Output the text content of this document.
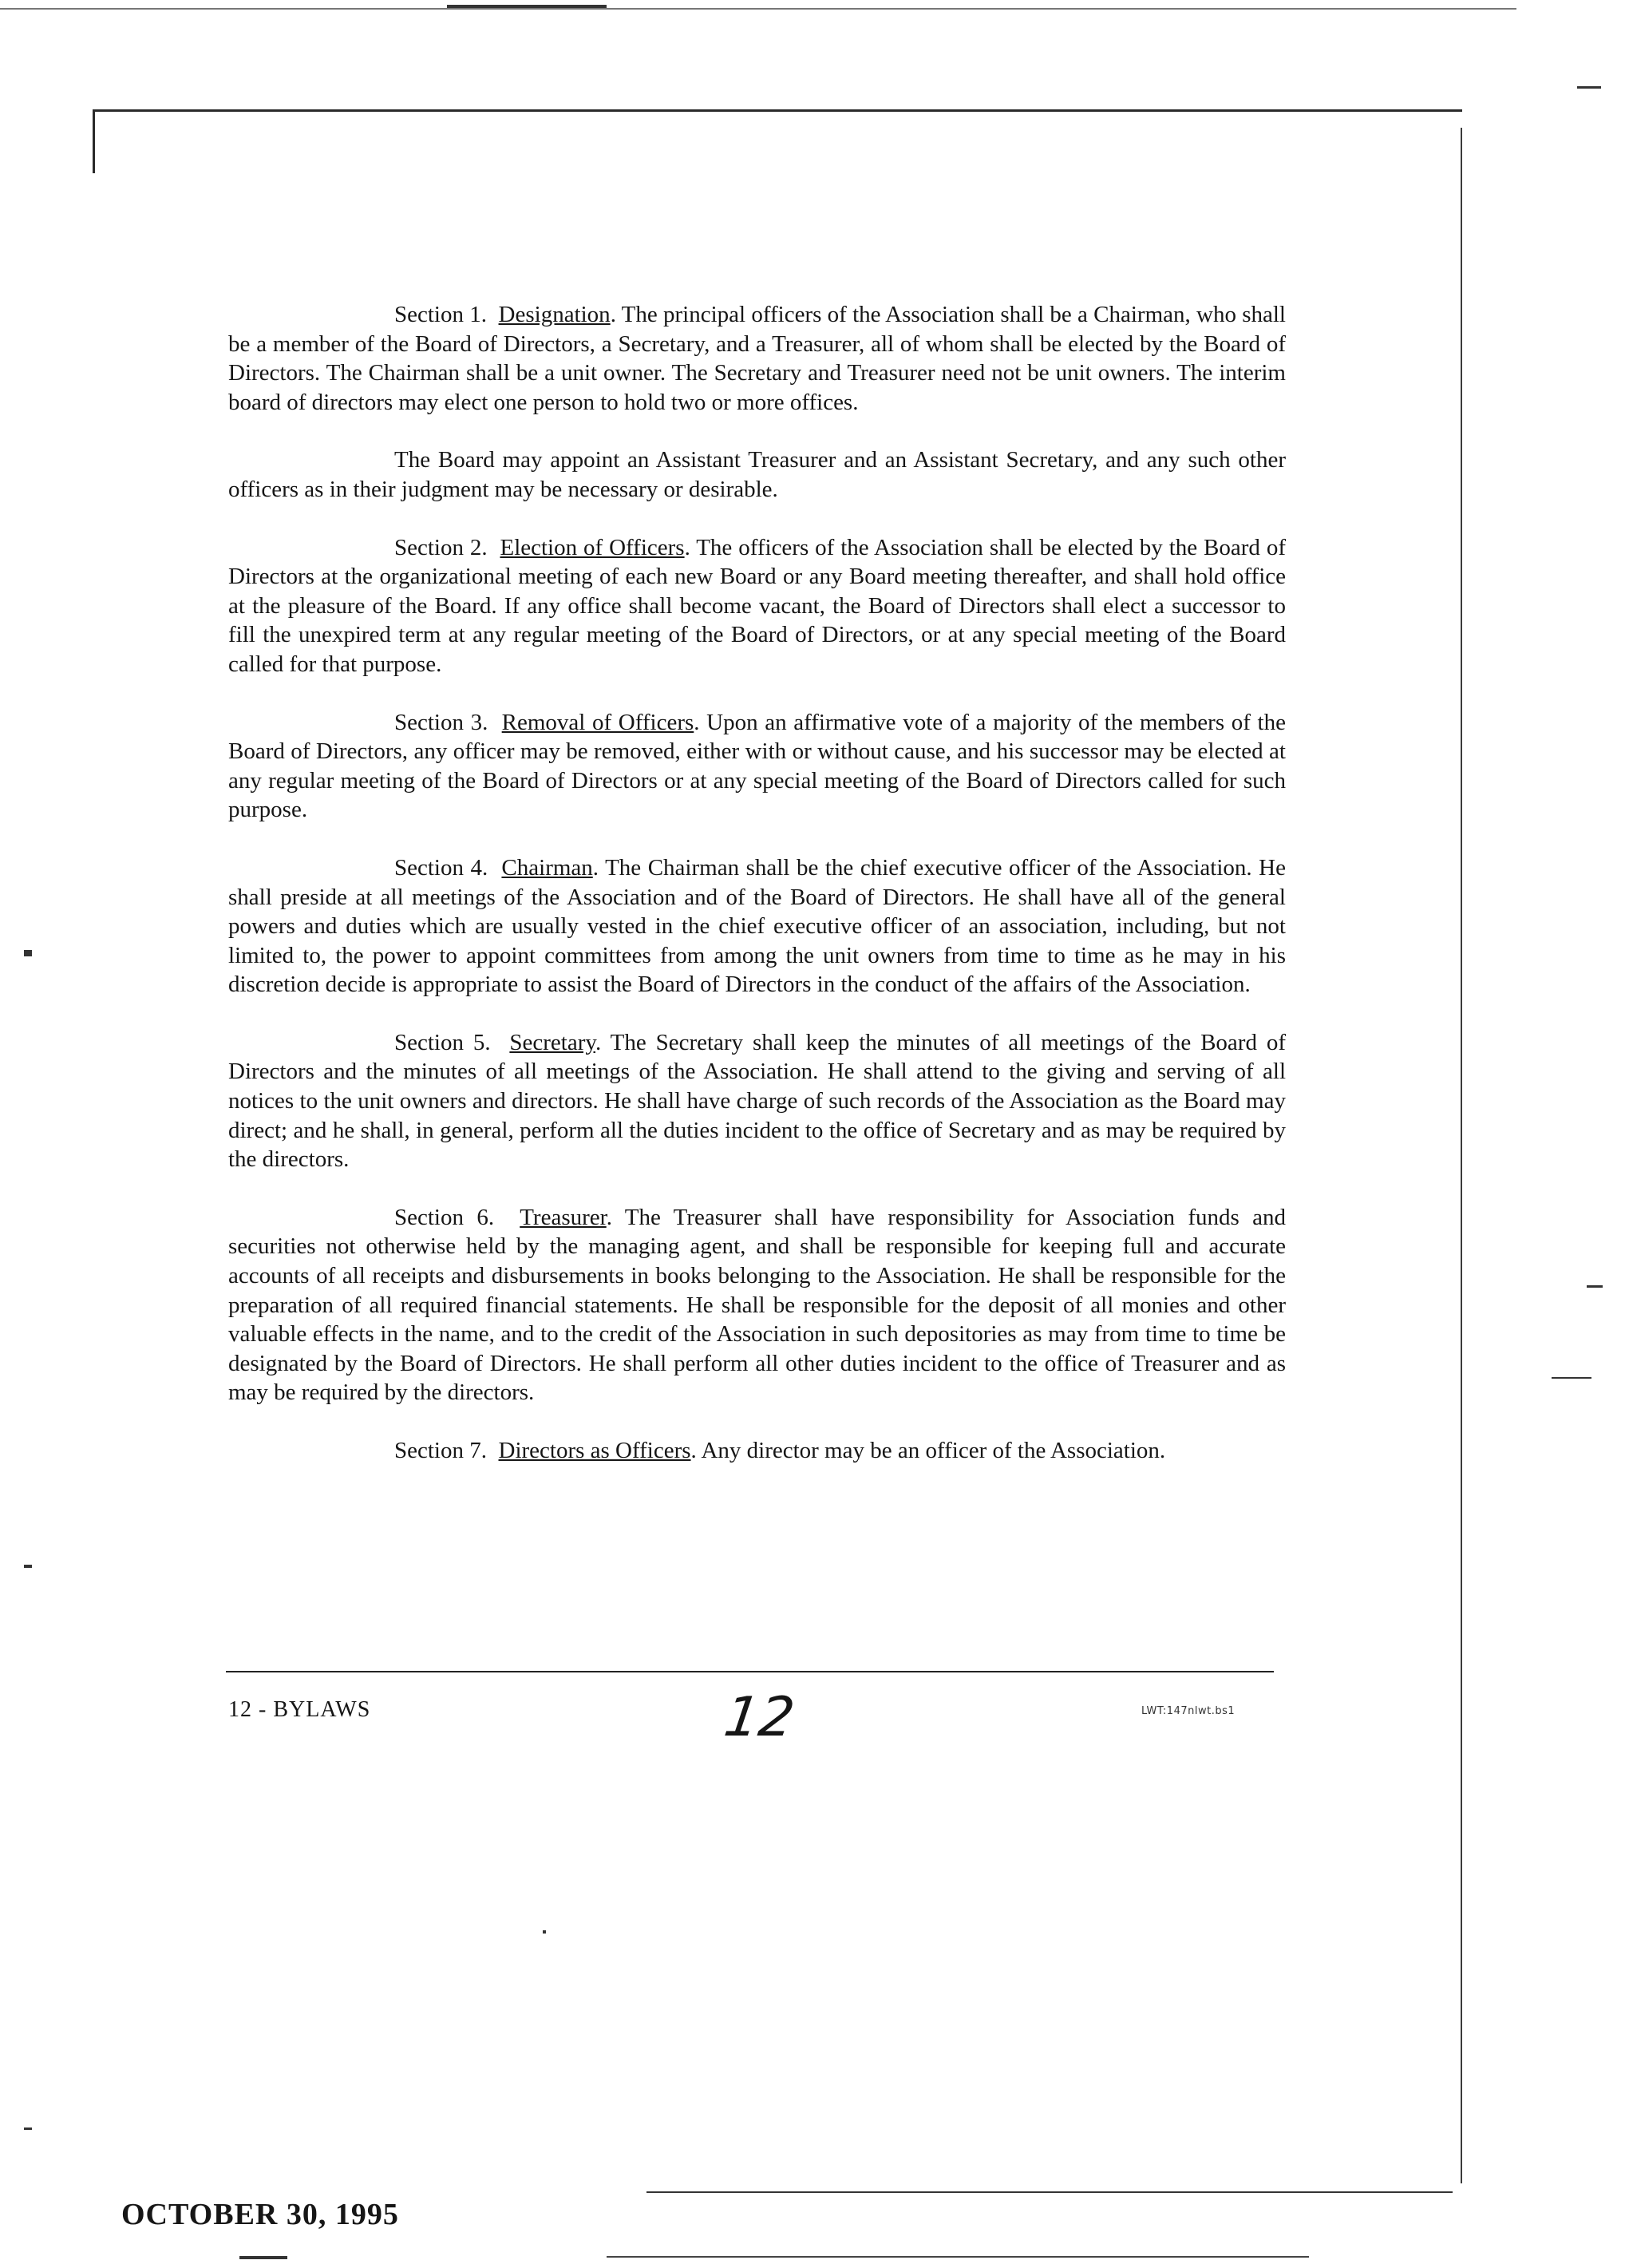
Section 1. Designation. The principal officers of the Association shall be a Chairman, who shall be a member of the Board of Directors, a Secretary, and a Treasurer, all of whom shall be elected by the Board of Directors. The Chairman shall be a unit owner. The Secretary and Treasurer need not be unit owners. The interim board of directors may elect one person to hold two or more offices.

The Board may appoint an Assistant Treasurer and an Assistant Secretary, and any such other officers as in their judgment may be necessary or desirable.

Section 2. Election of Officers. The officers of the Association shall be elected by the Board of Directors at the organizational meeting of each new Board or any Board meeting thereafter, and shall hold office at the pleasure of the Board. If any office shall become vacant, the Board of Directors shall elect a successor to fill the unexpired term at any regular meeting of the Board of Directors, or at any special meeting of the Board called for that purpose.

Section 3. Removal of Officers. Upon an affirmative vote of a majority of the members of the Board of Directors, any officer may be removed, either with or without cause, and his successor may be elected at any regular meeting of the Board of Directors or at any special meeting of the Board of Directors called for such purpose.

Section 4. Chairman. The Chairman shall be the chief executive officer of the Association. He shall preside at all meetings of the Association and of the Board of Directors. He shall have all of the general powers and duties which are usually vested in the chief executive officer of an association, including, but not limited to, the power to appoint committees from among the unit owners from time to time as he may in his discretion decide is appropriate to assist the Board of Directors in the conduct of the affairs of the Association.

Section 5. Secretary. The Secretary shall keep the minutes of all meetings of the Board of Directors and the minutes of all meetings of the Association. He shall attend to the giving and serving of all notices to the unit owners and directors. He shall have charge of such records of the Association as the Board may direct; and he shall, in general, perform all the duties incident to the office of Secretary and as may be required by the directors.

Section 6. Treasurer. The Treasurer shall have responsibility for Association funds and securities not otherwise held by the managing agent, and shall be responsible for keeping full and accurate accounts of all receipts and disbursements in books belonging to the Association. He shall be responsible for the preparation of all required financial statements. He shall be responsible for the deposit of all monies and other valuable effects in the name, and to the credit of the Association in such depositories as may from time to time be designated by the Board of Directors. He shall perform all other duties incident to the office of Treasurer and as may be required by the directors.

Section 7. Directors as Officers. Any director may be an officer of the Association.

12 - BYLAWS	12	LWT:147nlwt.bs1
OCTOBER 30, 1995
